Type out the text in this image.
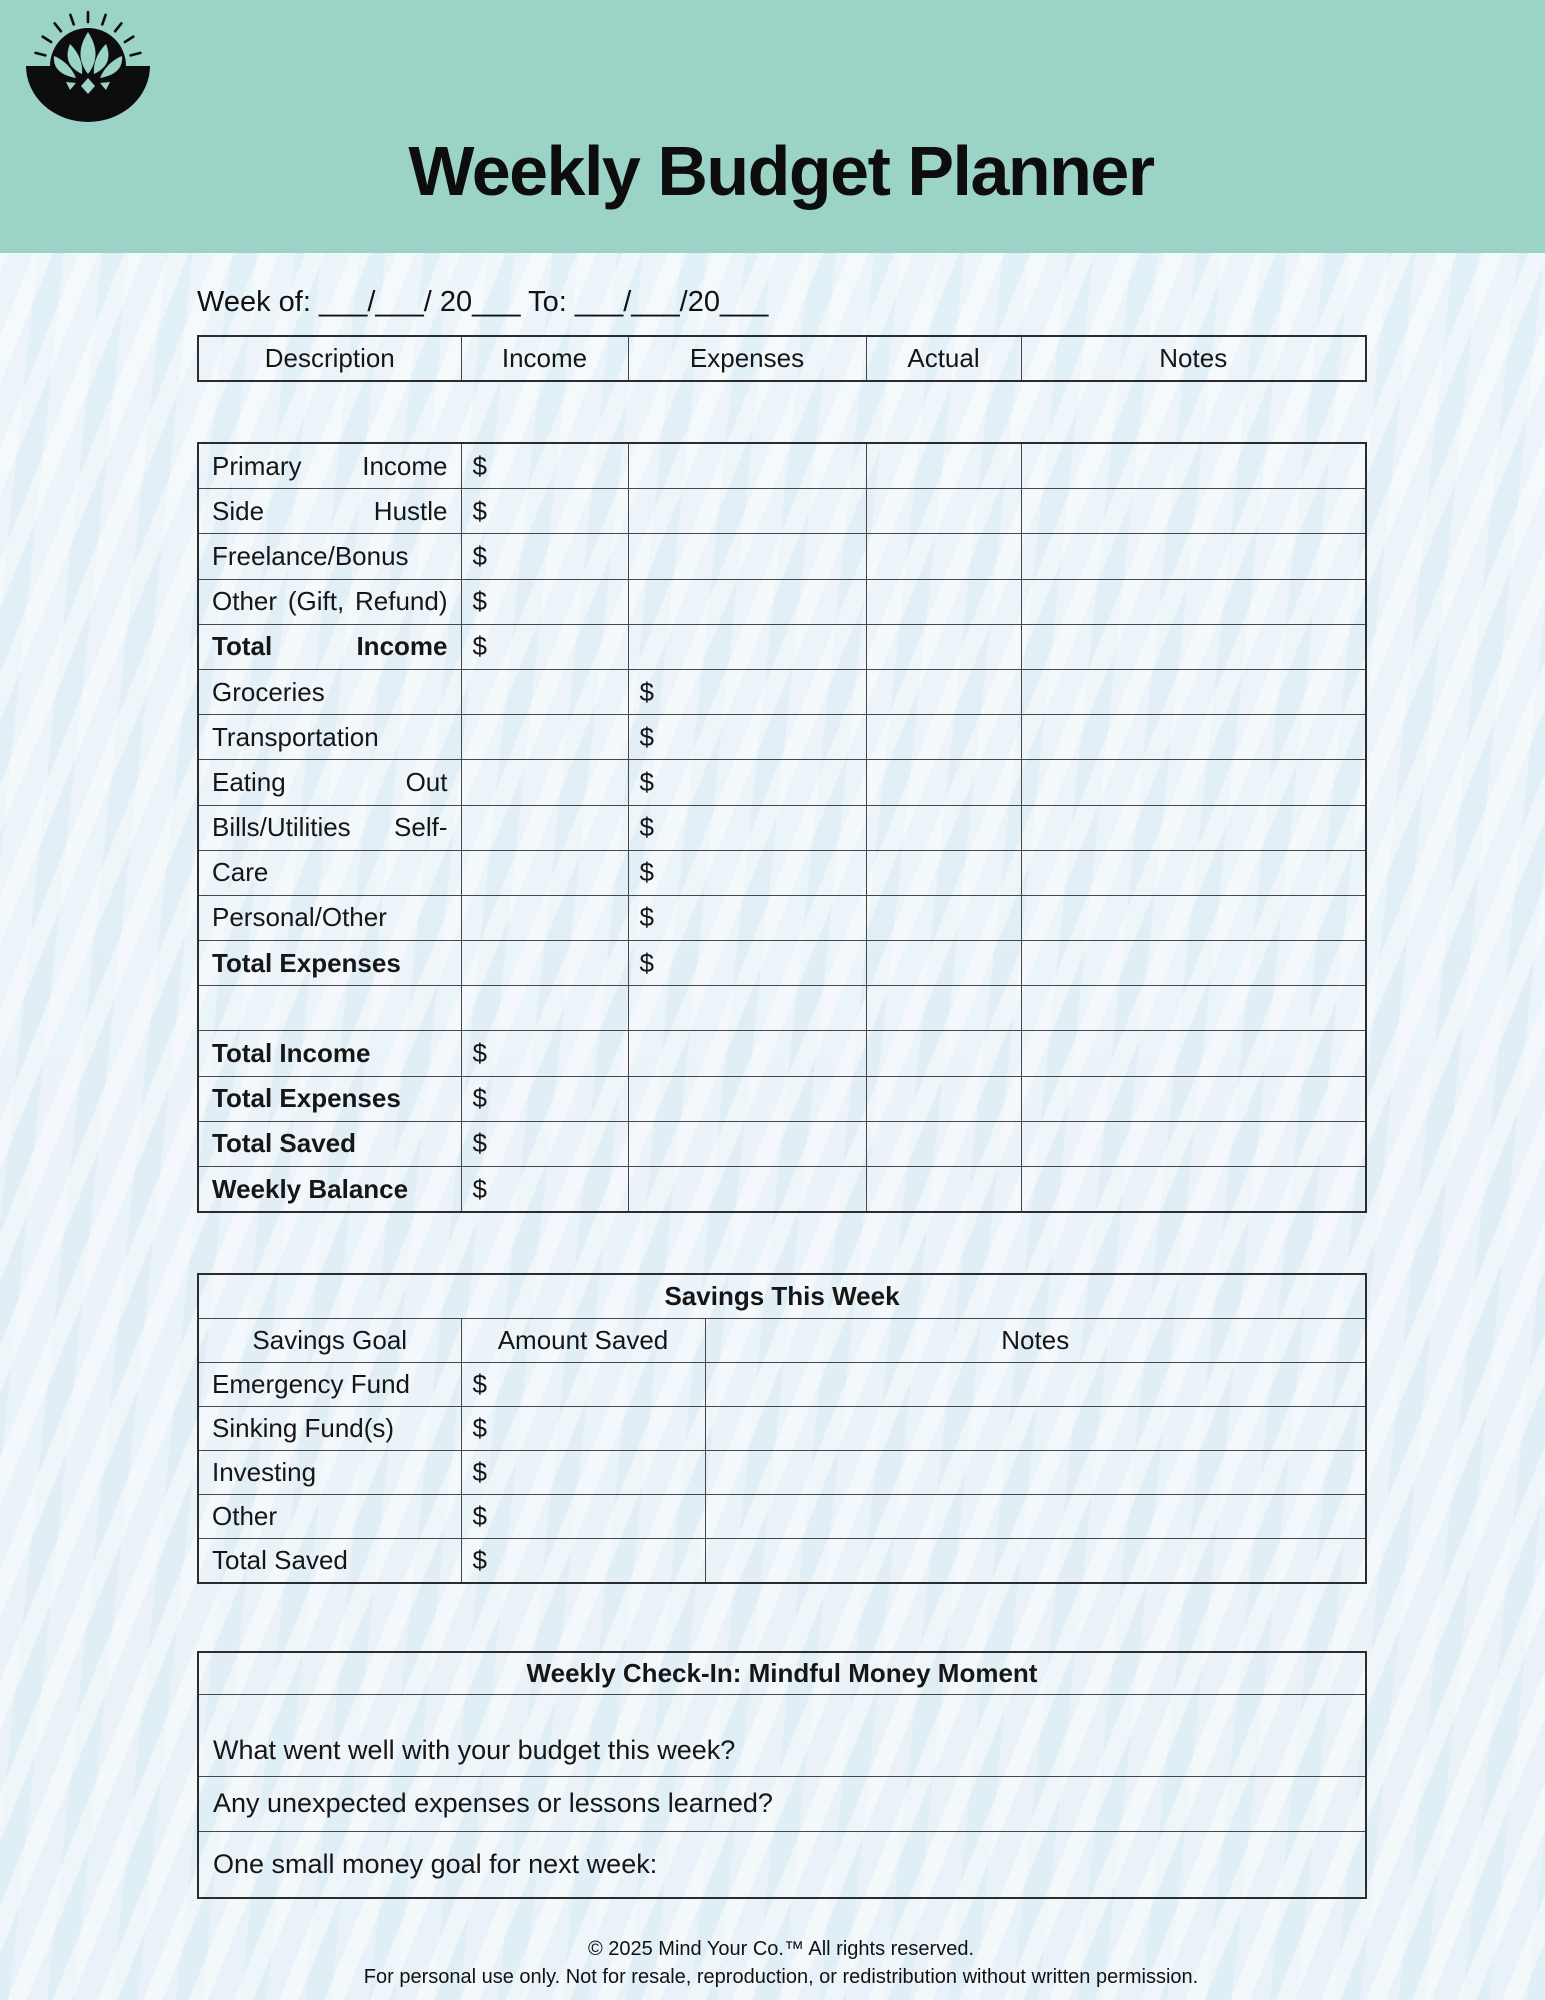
Weekly Budget Planner
Week of: ___/___/ 20___ To: ___/___/20___
Description	Income	Expenses	Actual	Notes
Primary Income	$			
Side Hustle	$			
Freelance/Bonus	$			
Other (Gift, Refund)	$			
Total Income	$			
Groceries		$		
Transportation		$		
Eating Out		$		
Bills/Utilities Self-		$		
Care		$		
Personal/Other		$		
Total Expenses		$		

Total Income	$			
Total Expenses	$			
Total Saved	$			
Weekly Balance	$			
Savings This Week		
Savings Goal	Amount Saved	Notes
Emergency Fund	$	
Sinking Fund(s)	$	
Investing	$	
Other	$	
Total Saved	$	
Weekly Check-In: Mindful Money Moment
What went well with your budget this week?
Any unexpected expenses or lessons learned?
One small money goal for next week:
© 2025 Mind Your Co.™ All rights reserved.
For personal use only. Not for resale, reproduction, or redistribution without written permission.
